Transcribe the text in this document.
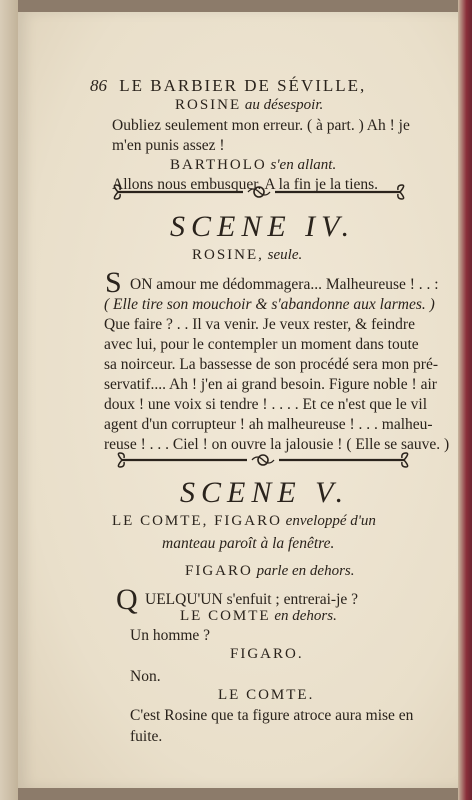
86 LE BARBIER DE SÉVILLE,
ROSINE au désespoir.
Oubliez seulement mon erreur. ( à part. ) Ah ! je
m'en punis assez !
BARTHOLO s'en allant.
Allons nous embusquer. A la fin je la tiens.
SCENE IV.
ROSINE, seule.
S ON amour me dédommagera... Malheureuse ! . . :
( Elle tire son mouchoir & s'abandonne aux larmes. )
Que faire ? . . Il va venir. Je veux rester, & feindre
avec lui, pour le contempler un moment dans toute
sa noirceur. La bassesse de son procédé sera mon pré-
servatif.... Ah ! j'en ai grand besoin. Figure noble ! air
doux ! une voix si tendre ! . . . . Et ce n'est que le vil
agent d'un corrupteur ! ah malheureuse ! . . . malheu-
reuse ! . . . Ciel ! on ouvre la jalousie ! ( Elle se sauve. )
SCENE V.
LE COMTE, FIGARO enveloppé d'un
manteau paroît à la fenêtre.
FIGARO parle en dehors.
Q UELQU'UN s'enfuit ; entrerai-je ?
LE COMTE en dehors.
Un homme ?
FIGARO.
Non.
LE COMTE.
C'est Rosine que ta figure atroce aura mise en
fuite.
